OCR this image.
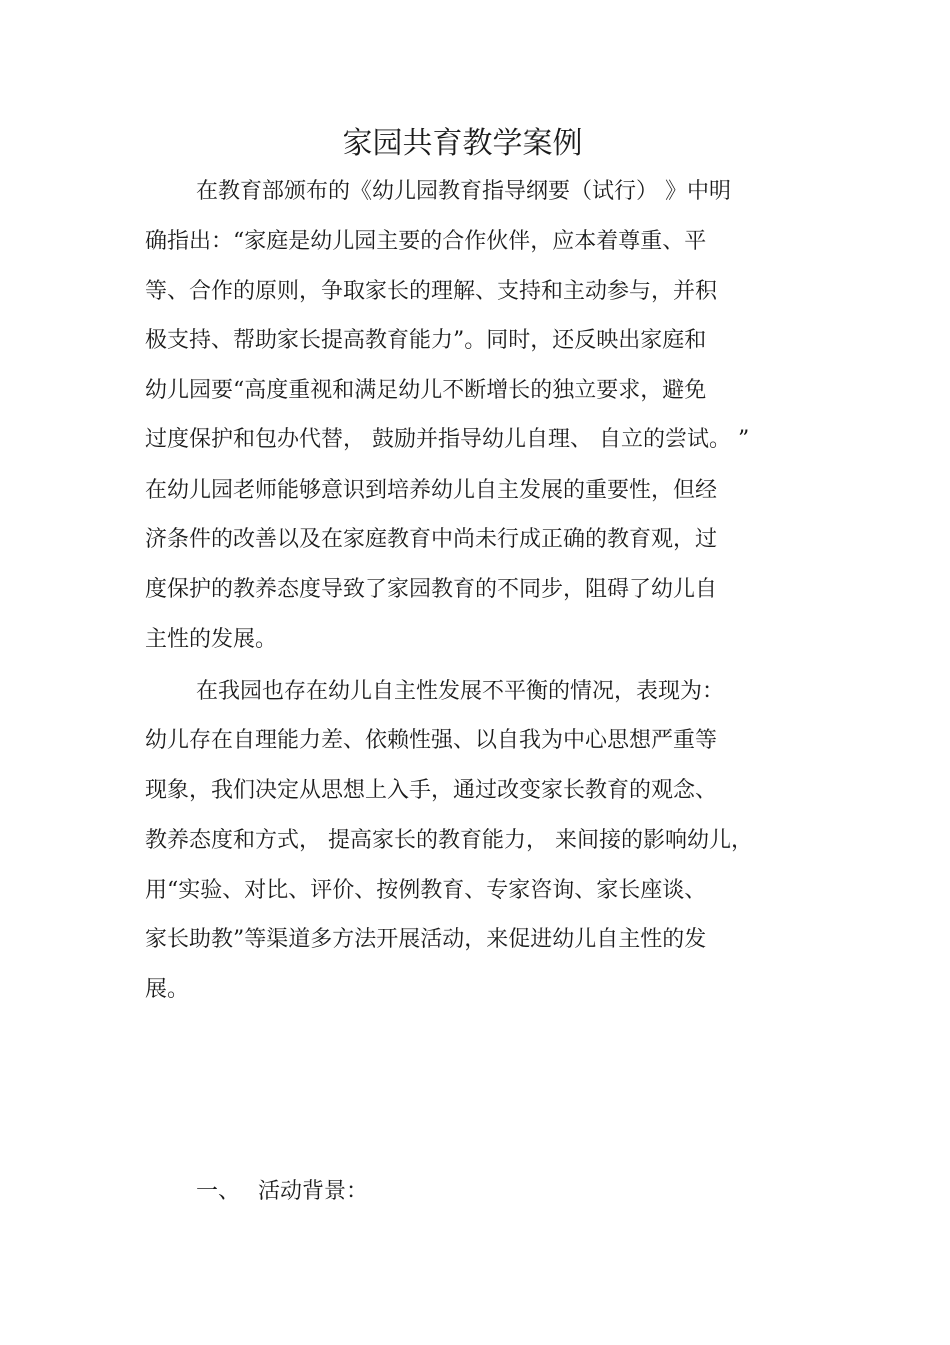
家园共育教学案例
在教育部颁布的《幼儿园教育指导纲要（试行） 》中明
确指出：“家庭是幼儿园主要的合作伙伴，应本着尊重、平
等、合作的原则，争取家长的理解、支持和主动参与，并积
极支持、帮助家长提高教育能力”。同时，还反映出家庭和
幼儿园要“高度重视和满足幼儿不断增长的独立要求，避免
过度保护和包办代替， 鼓励并指导幼儿自理、 自立的尝试。 ”
在幼儿园老师能够意识到培养幼儿自主发展的重要性，但经
济条件的改善以及在家庭教育中尚未行成正确的教育观，过
度保护的教养态度导致了家园教育的不同步，阻碍了幼儿自
主性的发展。
在我园也存在幼儿自主性发展不平衡的情况，表现为：
幼儿存在自理能力差、依赖性强、以自我为中心思想严重等
现象，我们决定从思想上入手，通过改变家长教育的观念、
教养态度和方式， 提高家长的教育能力， 来间接的影响幼儿，
用“实验、对比、评价、按例教育、专家咨询、家长座谈、
家长助教”等渠道多方法开展活动，来促进幼儿自主性的发
展。
一、 活动背景：
